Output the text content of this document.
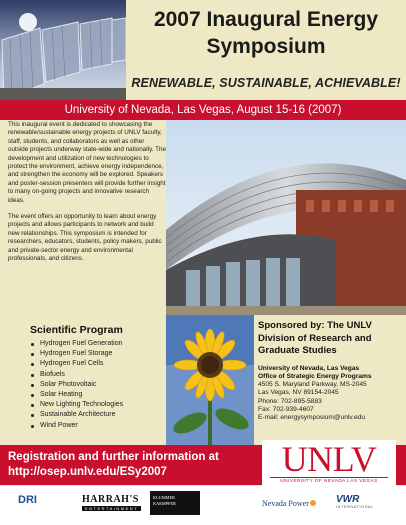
2007 Inaugural Energy Symposium
RENEWABLE, SUSTAINABLE, ACHIEVABLE!
University of Nevada, Las Vegas, August 15-16 (2007)

This inaugural event is dedicated to showcasing the renewable/sustainable energy projects of UNLV faculty, staff, students, and collaborators as well as other outside projects underway state-wide and nationally. The development and utilization of new technologies to protect the environment, achieve energy independence, and strengthen the economy will be explored. Speakers and poster-session presenters will provide further insight to many on-going projects and innovative research ideas.

The event offers an opportunity to learn about energy projects and allows participants to network and build new relationships. This symposium is intended for researchers, educators, students, policy makers, public and private-sector energy and environmental professionals, and citizens.

Scientific Program
Hydrogen Fuel Generation
Hydrogen Fuel Storage
Hydrogen Fuel Cells
Biofuels
Solar Photovoltaic
Solar Heating
New Lighting Technologies
Sustainable Architecture
Wind Power
Sponsored by: The UNLV Division of Research and Graduate Studies
University of Nevada, Las Vegas
Office of Strategic Energy Programs
4505 S. Maryland Parkway, MS-2045
Las Vegas, NV 89154-2045
Phone: 702-895-5883
Fax: 702-939-4607
E-mail: energysymposium@unlv.edu
Registration and further information at
http://osep.unlv.edu/ESy2007	UNLV
UNIVERSITY OF NEVADA LAS VEGAS
DRI	HARRAH'S
ENTERTAINMENT
KLUMMER
KAEMPFER	Nevada Power	VWR
INTERNATIONAL
